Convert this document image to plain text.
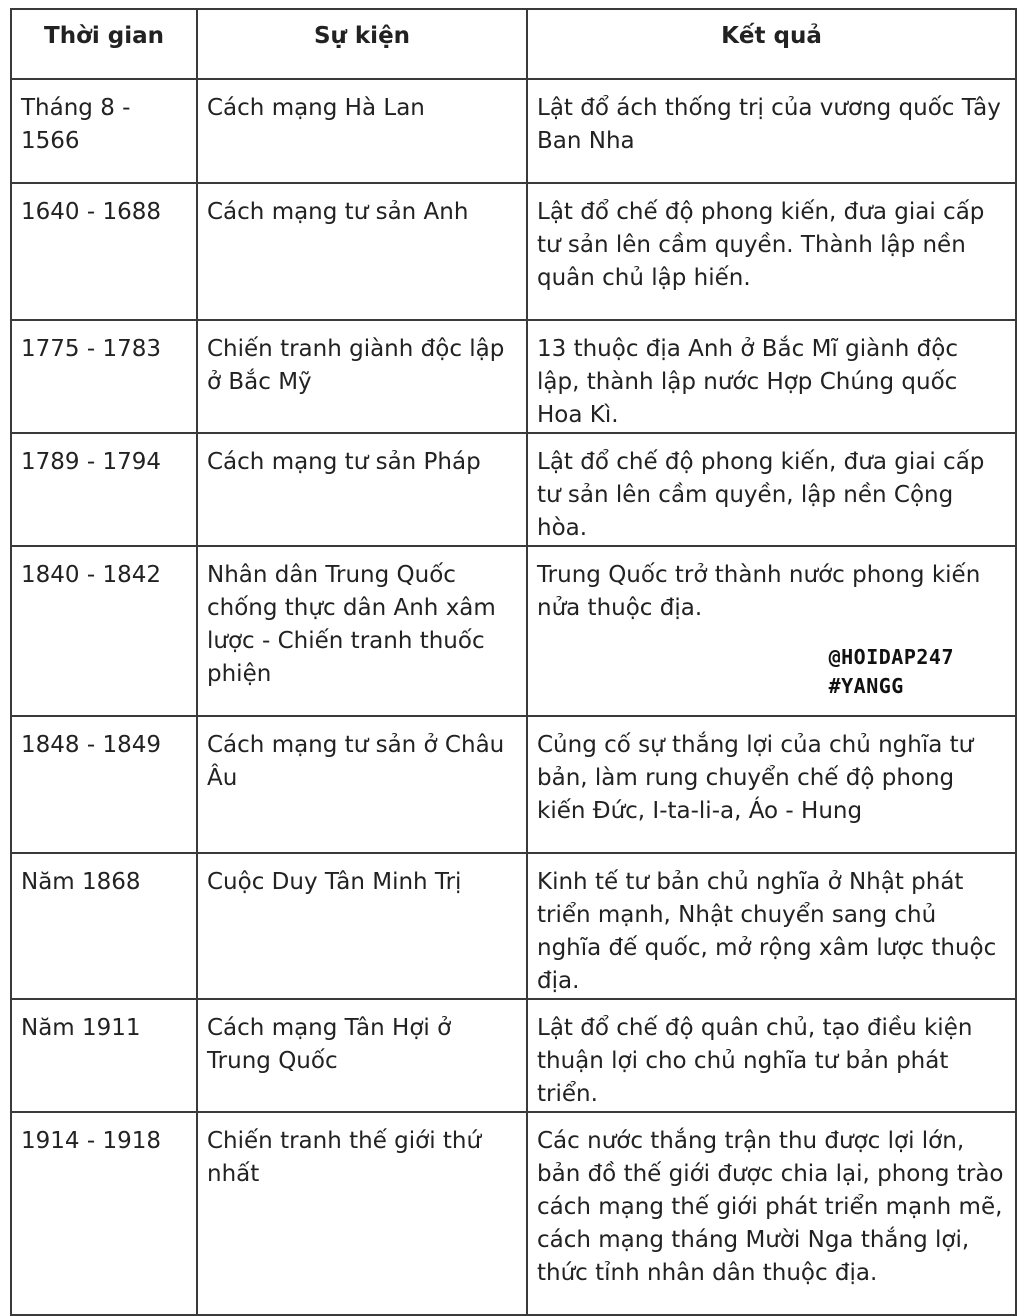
Thời gian	Sự kiện	Kết quả
Tháng 8 - 1566	Cách mạng Hà Lan	Lật đổ ách thống trị của vương quốc Tây Ban Nha
1640 - 1688	Cách mạng tư sản Anh	Lật đổ chế độ phong kiến, đưa giai cấp tư sản lên cầm quyền. Thành lập nền quân chủ lập hiến.
1775 - 1783	Chiến tranh giành độc lập ở Bắc Mỹ	13 thuộc địa Anh ở Bắc Mĩ giành độc lập, thành lập nước Hợp Chúng quốc Hoa Kì.
1789 - 1794	Cách mạng tư sản Pháp	Lật đổ chế độ phong kiến, đưa giai cấp tư sản lên cầm quyền, lập nền Cộng hòa.
1840 - 1842	Nhân dân Trung Quốc chống thực dân Anh xâm lược - Chiến tranh thuốc phiện	Trung Quốc trở thành nước phong kiến nửa thuộc địa.
@HOIDAP247
#YANGG

1848 - 1849	Cách mạng tư sản ở Châu Âu	Củng cố sự thắng lợi của chủ nghĩa tư bản, làm rung chuyển chế độ phong kiến Đức, I-ta-li-a, Áo - Hung
Năm 1868	Cuộc Duy Tân Minh Trị	Kinh tế tư bản chủ nghĩa ở Nhật phát triển mạnh, Nhật chuyển sang chủ nghĩa đế quốc, mở rộng xâm lược thuộc địa.
Năm 1911	Cách mạng Tân Hợi ở Trung Quốc	Lật đổ chế độ quân chủ, tạo điều kiện thuận lợi cho chủ nghĩa tư bản phát triển.
1914 - 1918	Chiến tranh thế giới thứ nhất	Các nước thắng trận thu được lợi lớn, bản đồ thế giới được chia lại, phong trào cách mạng thế giới phát triển mạnh mẽ, cách mạng tháng Mười Nga thắng lợi, thức tỉnh nhân dân thuộc địa.
